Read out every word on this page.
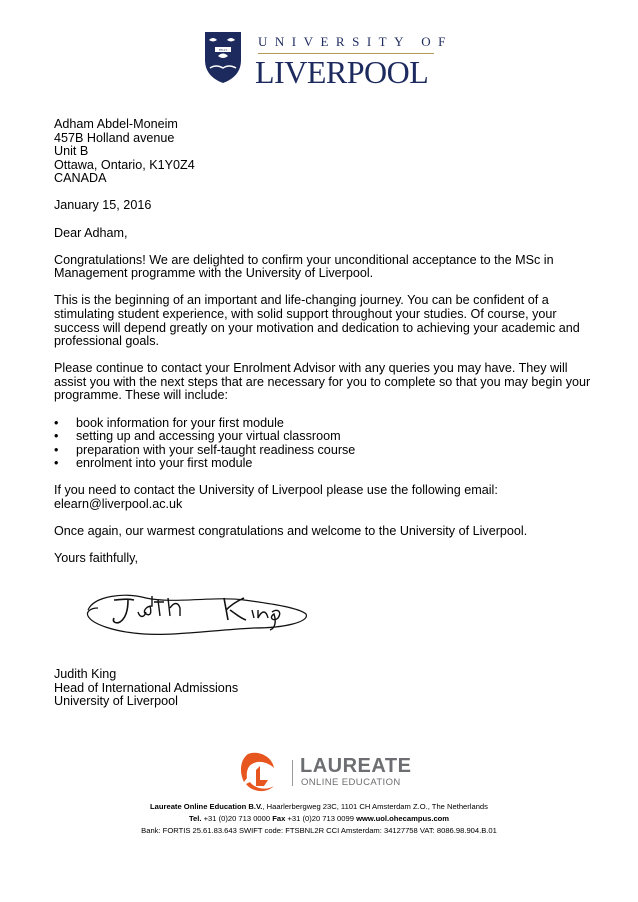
FECIT
UNIVERSITY OF
LIVERPOOL
Adham Abdel-Moneim
457B Holland avenue
Unit B
Ottawa, Ontario, K1Y0Z4
CANADA

January 15, 2016

Dear Adham,

Congratulations! We are delighted to confirm your unconditional acceptance to the MSc in Management programme with the University of Liverpool.

This is the beginning of an important and life-changing journey. You can be confident of a stimulating student experience, with solid support throughout your studies. Of course, your success will depend greatly on your motivation and dedication to achieving your academic and professional goals.

Please continue to contact your Enrolment Advisor with any queries you may have. They will assist you with the next steps that are necessary for you to complete so that you may begin your programme. These will include:

•	book information for your first module
•	setting up and accessing your virtual classroom
•	preparation with your self-taught readiness course
•	enrolment into your first module

If you need to contact the University of Liverpool please use the following email:

elearn@liverpool.ac.uk

Once again, our warmest congratulations and welcome to the University of Liverpool.

Yours faithfully,

Judith King
Judith King
Head of International Admissions
University of Liverpool
LAUREATE
ONLINE EDUCATION
Laureate Online Education B.V., Haarlerbergweg 23C, 1101 CH Amsterdam Z.O., The Netherlands
Tel. +31 (0)20 713 0000 Fax +31 (0)20 713 0099 www.uol.ohecampus.com
Bank: FORTIS 25.61.83.643 SWIFT code: FTSBNL2R CCI Amsterdam: 34127758 VAT: 8086.98.904.B.01
